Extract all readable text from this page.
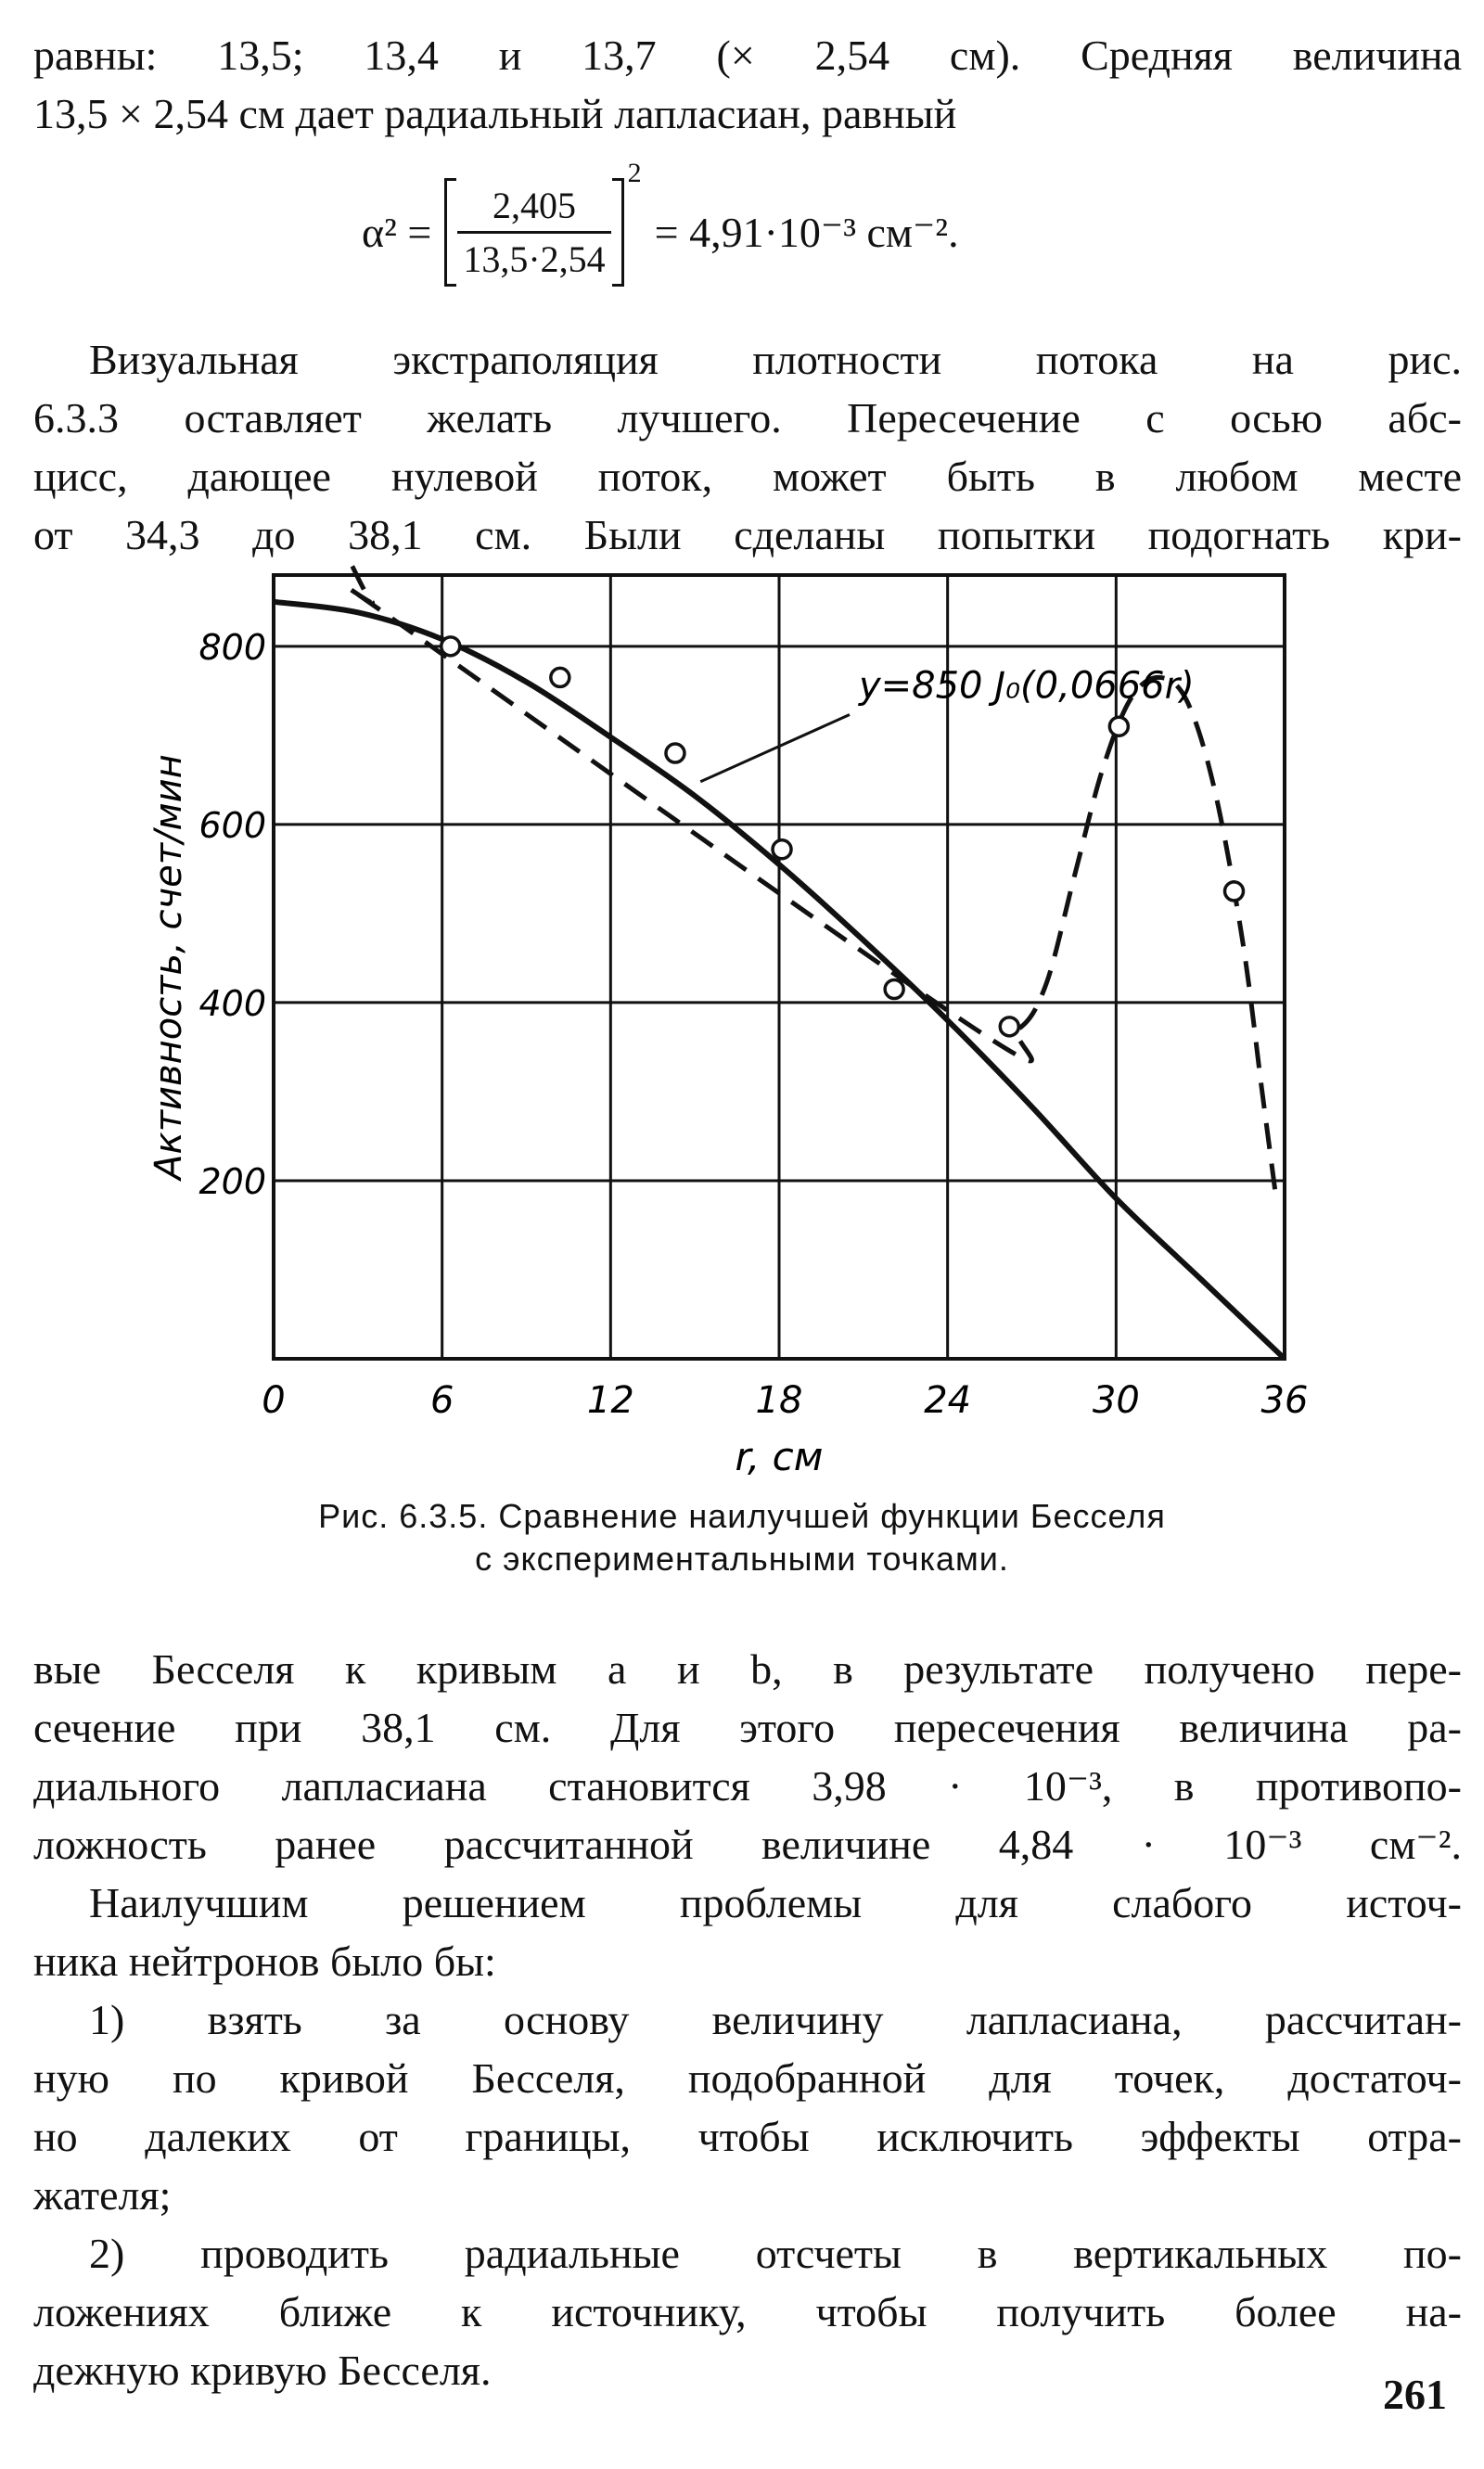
равны: 13,5; 13,4 и 13,7 (× 2,54 см). Средняя величина
13,5 × 2,54 см дает радиальный лапласиан, равный
$\alpha^2 = \frac{2,405}{13,5\cdot 2,54}$
2
= 4,91·10⁻³ см⁻².
Визуальная экстраполяция плотности потока на рис.
6.3.3 оставляет желать лучшего. Пересечение с осью абс-
цисс, дающее нулевой поток, может быть в любом месте
от 34,3 до 38,1 см. Были сделаны попытки подогнать кри-
0	6	12	18	24	30	36
200
400
600
800
r, см
Активность, счет/мин
y=850 J₀(0,0666r)
Рис. 6.3.5. Сравнение наилучшей функции Бесселя
с экспериментальными точками.
вые Бесселя к кривым a и b, в результате получено пере-
сечение при 38,1 см. Для этого пересечения величина ра-
диального лапласиана становится 3,98 · 10⁻³, в противопо-
ложность ранее рассчитанной величине 4,84 · 10⁻³ см⁻².
Наилучшим решением проблемы для слабого источ-
ника нейтронов было бы:
1) взять за основу величину лапласиана, рассчитан-
ную по кривой Бесселя, подобранной для точек, достаточ-
но далеких от границы, чтобы исключить эффекты отра-
жателя;
2) проводить радиальные отсчеты в вертикальных по-
ложениях ближе к источнику, чтобы получить более на-
дежную кривую Бесселя.
261
